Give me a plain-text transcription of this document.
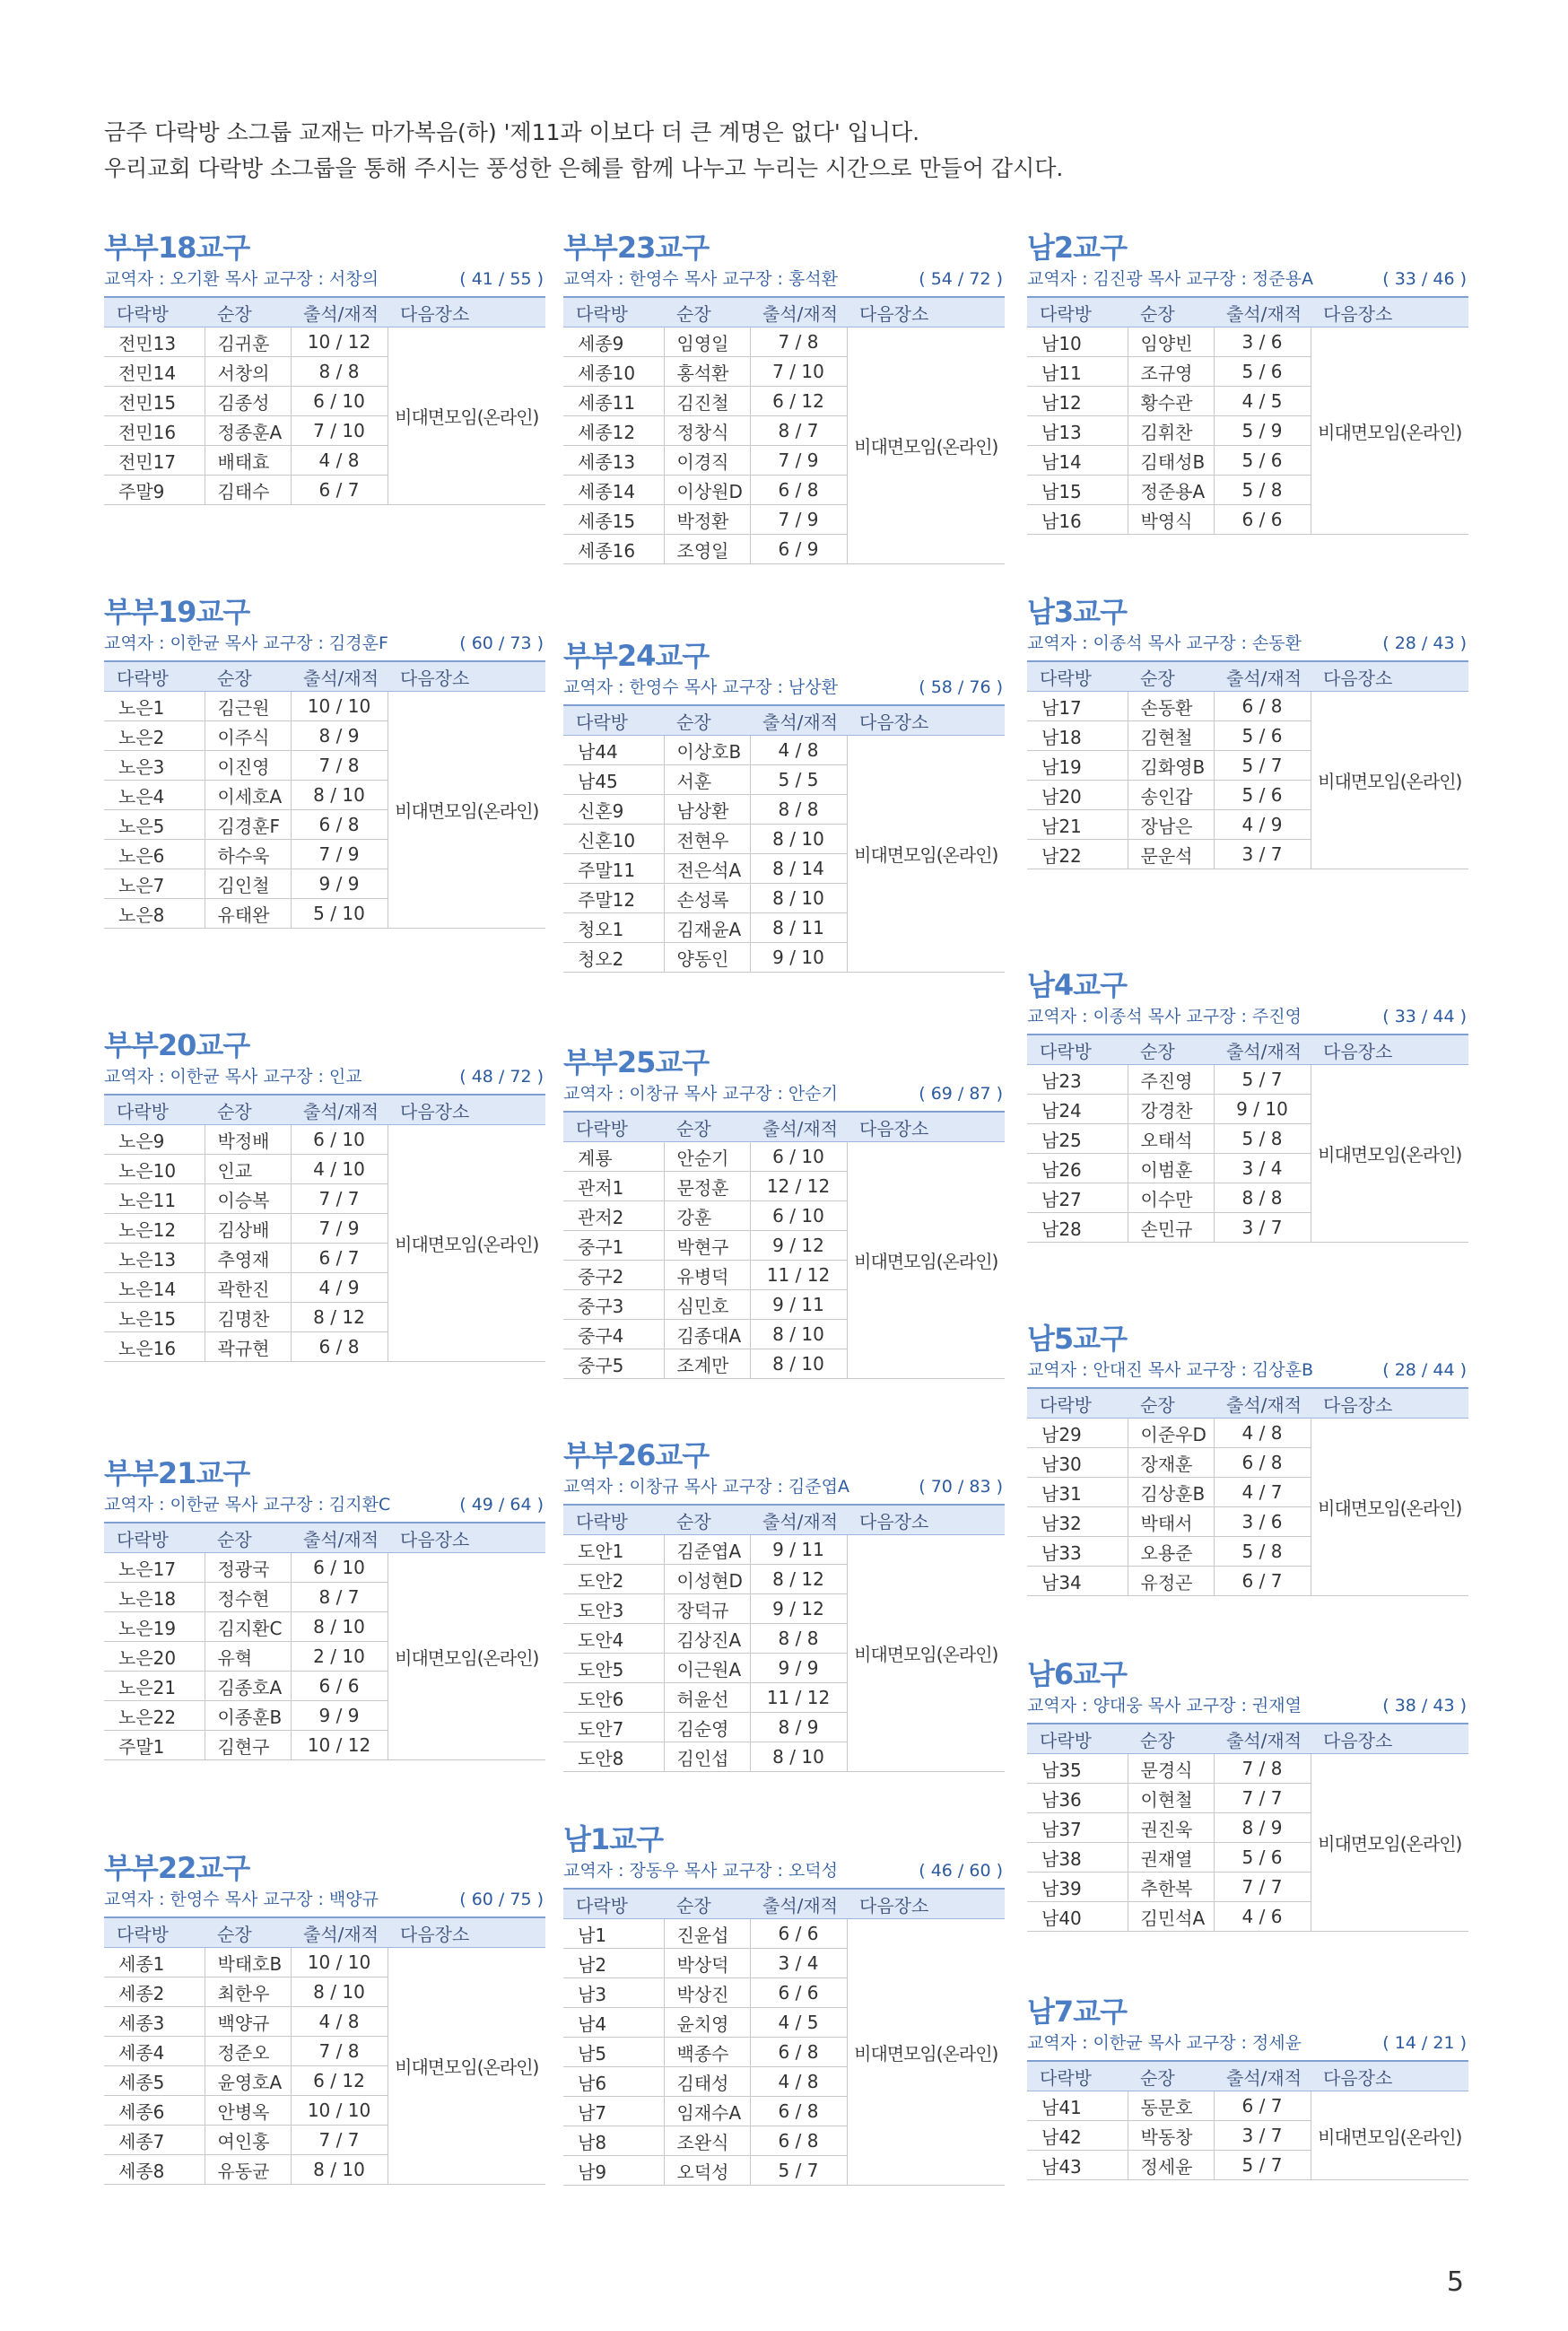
금주 다락방 소그룹 교재는 마가복음(하) '제11과 이보다 더 큰 계명은 없다' 입니다.

우리교회 다락방 소그룹을 통해 주시는 풍성한 은혜를 함께 나누고 누리는 시간으로 만들어 갑시다.

부부18교구
교역자 : 오기환 목사 교구장 : 서창의	( 41 / 55 )
다락방	순장	출석/재적	다음장소
전민13	김귀훈	10 / 12	비대면모임(온라인)
전민14	서창의	8 / 8	
전민15	김종성	6 / 10	
전민16	정종훈A	7 / 10	
전민17	배태효	4 / 8	
주말9	김태수	6 / 7	
부부19교구
교역자 : 이한균 목사 교구장 : 김경훈F	( 60 / 73 )
다락방	순장	출석/재적	다음장소
노은1	김근원	10 / 10	비대면모임(온라인)
노은2	이주식	8 / 9	
노은3	이진영	7 / 8	
노은4	이세호A	8 / 10	
노은5	김경훈F	6 / 8	
노은6	하수욱	7 / 9	
노은7	김인철	9 / 9	
노은8	유태완	5 / 10	
부부20교구
교역자 : 이한균 목사 교구장 : 인교	( 48 / 72 )
다락방	순장	출석/재적	다음장소
노은9	박정배	6 / 10	비대면모임(온라인)
노은10	인교	4 / 10	
노은11	이승복	7 / 7	
노은12	김상배	7 / 9	
노은13	추영재	6 / 7	
노은14	곽한진	4 / 9	
노은15	김명찬	8 / 12	
노은16	곽규현	6 / 8	
부부21교구
교역자 : 이한균 목사 교구장 : 김지환C	( 49 / 64 )
다락방	순장	출석/재적	다음장소
노은17	정광국	6 / 10	비대면모임(온라인)
노은18	정수현	8 / 7	
노은19	김지환C	8 / 10	
노은20	유혁	2 / 10	
노은21	김종호A	6 / 6	
노은22	이종훈B	9 / 9	
주말1	김현구	10 / 12	
부부22교구
교역자 : 한영수 목사 교구장 : 백양규	( 60 / 75 )
다락방	순장	출석/재적	다음장소
세종1	박태호B	10 / 10	비대면모임(온라인)
세종2	최한우	8 / 10	
세종3	백양규	4 / 8	
세종4	정준오	7 / 8	
세종5	윤영호A	6 / 12	
세종6	안병옥	10 / 10	
세종7	여인홍	7 / 7	
세종8	유동균	8 / 10	
부부23교구
교역자 : 한영수 목사 교구장 : 홍석환	( 54 / 72 )
다락방	순장	출석/재적	다음장소
세종9	임영일	7 / 8	비대면모임(온라인)
세종10	홍석환	7 / 10	
세종11	김진철	6 / 12	
세종12	정창식	8 / 7	
세종13	이경직	7 / 9	
세종14	이상원D	6 / 8	
세종15	박정환	7 / 9	
세종16	조영일	6 / 9	
부부24교구
교역자 : 한영수 목사 교구장 : 남상환	( 58 / 76 )
다락방	순장	출석/재적	다음장소
남44	이상호B	4 / 8	비대면모임(온라인)
남45	서훈	5 / 5	
신혼9	남상환	8 / 8	
신혼10	전현우	8 / 10	
주말11	전은석A	8 / 14	
주말12	손성록	8 / 10	
청오1	김재윤A	8 / 11	
청오2	양동인	9 / 10	
부부25교구
교역자 : 이창규 목사 교구장 : 안순기	( 69 / 87 )
다락방	순장	출석/재적	다음장소
계룡	안순기	6 / 10	비대면모임(온라인)
관저1	문정훈	12 / 12	
관저2	강훈	6 / 10	
중구1	박현구	9 / 12	
중구2	유병덕	11 / 12	
중구3	심민호	9 / 11	
중구4	김종대A	8 / 10	
중구5	조계만	8 / 10	
부부26교구
교역자 : 이창규 목사 교구장 : 김준엽A	( 70 / 83 )
다락방	순장	출석/재적	다음장소
도안1	김준엽A	9 / 11	비대면모임(온라인)
도안2	이성현D	8 / 12	
도안3	장덕규	9 / 12	
도안4	김상진A	8 / 8	
도안5	이근원A	9 / 9	
도안6	허윤선	11 / 12	
도안7	김순영	8 / 9	
도안8	김인섭	8 / 10	
남1교구
교역자 : 장동우 목사 교구장 : 오덕성	( 46 / 60 )
다락방	순장	출석/재적	다음장소
남1	진윤섭	6 / 6	비대면모임(온라인)
남2	박상덕	3 / 4	
남3	박상진	6 / 6	
남4	윤치영	4 / 5	
남5	백종수	6 / 8	
남6	김태성	4 / 8	
남7	임재수A	6 / 8	
남8	조완식	6 / 8	
남9	오덕성	5 / 7	
남2교구
교역자 : 김진광 목사 교구장 : 정준용A	( 33 / 46 )
다락방	순장	출석/재적	다음장소
남10	임양빈	3 / 6	비대면모임(온라인)
남11	조규영	5 / 6	
남12	황수관	4 / 5	
남13	김휘찬	5 / 9	
남14	김태성B	5 / 6	
남15	정준용A	5 / 8	
남16	박영식	6 / 6	
남3교구
교역자 : 이종석 목사 교구장 : 손동환	( 28 / 43 )
다락방	순장	출석/재적	다음장소
남17	손동환	6 / 8	비대면모임(온라인)
남18	김현철	5 / 6	
남19	김화영B	5 / 7	
남20	송인갑	5 / 6	
남21	장남은	4 / 9	
남22	문운석	3 / 7	
남4교구
교역자 : 이종석 목사 교구장 : 주진영	( 33 / 44 )
다락방	순장	출석/재적	다음장소
남23	주진영	5 / 7	비대면모임(온라인)
남24	강경찬	9 / 10	
남25	오태석	5 / 8	
남26	이범훈	3 / 4	
남27	이수만	8 / 8	
남28	손민규	3 / 7	
남5교구
교역자 : 안대진 목사 교구장 : 김상훈B	( 28 / 44 )
다락방	순장	출석/재적	다음장소
남29	이준우D	4 / 8	비대면모임(온라인)
남30	장재훈	6 / 8	
남31	김상훈B	4 / 7	
남32	박태서	3 / 6	
남33	오용준	5 / 8	
남34	유정곤	6 / 7	
남6교구
교역자 : 양대웅 목사 교구장 : 권재열	( 38 / 43 )
다락방	순장	출석/재적	다음장소
남35	문경식	7 / 8	비대면모임(온라인)
남36	이현철	7 / 7	
남37	권진욱	8 / 9	
남38	권재열	5 / 6	
남39	추한복	7 / 7	
남40	김민석A	4 / 6	
남7교구
교역자 : 이한균 목사 교구장 : 정세윤	( 14 / 21 )
다락방	순장	출석/재적	다음장소
남41	동문호	6 / 7	비대면모임(온라인)
남42	박동창	3 / 7	
남43	정세윤	5 / 7	
5
